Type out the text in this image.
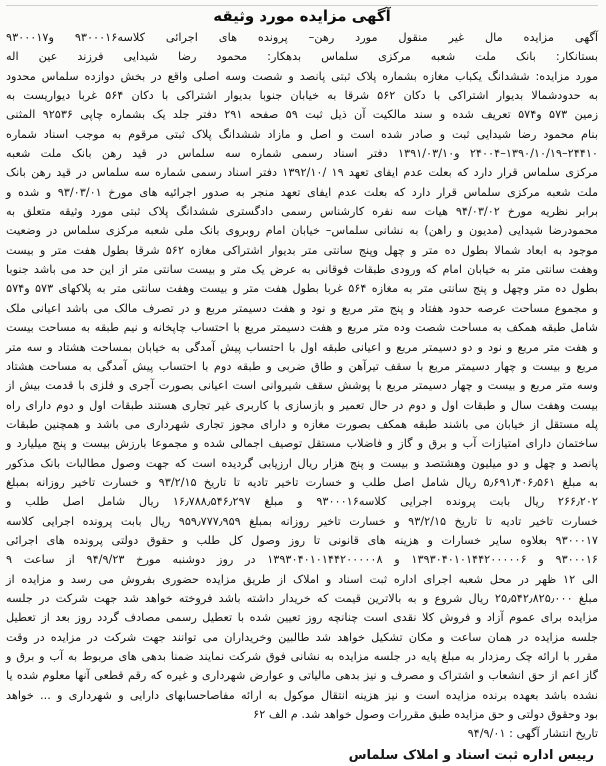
آگهی مزایده مورد وثیقه
آگهی مزایده مال غیر منقول مورد رهن– پرونده های اجرائی کلاسه۹۳۰۰۰۱۶ و۹۳۰۰۰۱۷
بستانکار: بانک ملت شعبه مرکزی سلماس بدهکار: محمود رضا شیدایی فرزند عین اله
مورد مزایده: ششدانگ یکباب مغازه بشماره پلاک ثبتی پانصد و شصت وسه اصلی واقع در بخش دوازده سلماس محدود
به حدودشمالا بدیوار اشتراکی با دکان ۵۶۲ شرقا به خیابان جنوبا بدیوار اشتراکی با دکان ۵۶۴ غربا دیواریست به
زمین ۵۷۳ و۵۷۴ تعریف شده و سند مالکیت آن ذیل ثبت ۵۹ صفحه ۲۹۱ دفتر جلد یک بشماره چاپی ۹۲۵۳۶ المثنی
بنام محمود رضا شیدایی ثبت و صادر شده است و اصل و مازاد ششدانگ پلاک ثبتی مرقوم به موجب اسناد شماره
۲۴۴۱۰–۱۳۹۰/۱۰/۱۹–۲۴۰۰۴ و۱۳۹۱/۰۳/۱۰ دفتر اسناد رسمی شماره سه سلماس در قید رهن بانک ملت شعبه
مرکزی سلماس قرار دارد که بعلت عدم ایفای تعهد ۱۹ /۱۳۹۲/۱۰ دفتر اسناد رسمی شماره سه سلماس در قید رهن بانک
ملت شعبه مرکزی سلماس قرار دارد که بعلت عدم ایفای تعهد منجر به صدور اجرائیه های مورخ ۹۳/۰۳/۰۱ و شده و
برابر نظریه مورخ ۹۴/۰۳/۰۲ هیات سه نفره کارشناس رسمی دادگستری ششدانگ پلاک ثبتی مورد وثیقه متعلق به
محمودرضا شیدایی (مدیون و راهن) به نشانی سلماس– خیابان امام روبروی بانک ملی شعبه مرکزی سلماس در وضعیت
موجود به ابعاد شمالا بطول ده متر و چهل وپنج سانتی متر بدیوار اشتراکی مغازه ۵۶۲ شرقا بطول هفت متر و بیست
وهفت سانتی متر به خیابان امام که ورودی طبقات فوقانی به عرض یک متر و بیست سانتی متر از این حد می باشد جنوبا
بطول ده متر وچهل و پنج سانتی متر به مغازه ۵۶۴ غربا بطول هفت متر و بیست وهفت سانتی متر به پلاکهای ۵۷۳ و۵۷۴
و مجموع مساحت عرصه حدود هفتاد و پنج متر مربع و نود و هفت دسیمتر مربع و در تصرف مالک می باشد اعیانی ملک
شامل طبقه همکف به مساحت شصت وده متر مربع و هفت دسیمتر مربع با احتساب چاپخانه و نیم طبقه به مساحت بیست
و هفت متر مربع و نود و دو دسیمتر مربع و اعیانی طبقه اول با احتساب پیش آمدگی به خیابان بمساحت هشتاد و سه متر
مربع و بیست و چهار دسیمتر مربع با سقف تیرآهن و طاق ضربی و طبقه دوم با احتساب پیش آمدگی به مساحت هشتاد
وسه متر مربع و بیست و چهار دسیمتر مربع با پوشش سقف شیروانی است اعیانی بصورت آجری و فلزی با قدمت بیش از
بیست وهفت سال و طبقات اول و دوم در حال تعمیر و بازسازی با کاربری غیر تجاری هستند طبقات اول و دوم دارای راه
پله مستقل از خیابان می باشند طبقه همکف بصورت مغازه و دارای مجوز تجاری شهرداری می باشد و همچنین طبقات
ساختمان دارای امتیازات آب و برق و گاز و فاضلاب مستقل توصیف اجمالی شده و مجموعا بارزش بیست و پنج میلیارد و
پانصد و چهل و دو میلیون وهشتصد و بیست و پنج هزار ریال ارزیابی گردیده است که جهت وصول مطالبات بانک مذکور
به مبلغ ۵٫۶۹۱٫۴۰۶٫۵۶۱ ریال شامل اصل طلب و خسارت تاخیر تادیه تا تاریخ ۹۳/۲/۱۵ و خسارت تاخیر روزانه بمبلغ
۲۶۶٫۲۰۲ ریال بابت پرونده اجرایی کلاسه۹۳۰۰۰۱۶ و مبلغ ۱۶٫۷۸۸٫۵۴۶٫۲۹۷ ریال شامل اصل طلب و
خسارت تاخیر تادیه تا تاریخ ۹۳/۲/۱۵ و خسارت تاخیر روزانه بمبلغ ۹۵۹٫۷۷۷٫۹۵۹ ریال بابت پرونده اجرایی کلاسه
۹۳۰۰۰۱۷ بعلاوه سایر خسارات و هزینه های قانونی تا روز وصول کل طلب و حقوق دولتی پرونده های اجرائی
۹۳۰۰۰۱۶ و ۱۳۹۳۰۴۰۱۰۱۴۴۲۰۰۰۰۰۶ و ۱۳۹۳۰۴۰۱۰۱۴۴۲۰۰۰۰۰۸ در روز دوشنبه مورخ ۹۴/۹/۲۳ از ساعت ۹
الی ۱۲ ظهر در محل شعبه اجرای اداره ثبت اسناد و املاک از طریق مزایده حضوری بفروش می رسد و مزایده از
مبلغ ۲۵٫۵۴۲٫۸۲۵٫۰۰۰ ریال شروع و به بالاترین قیمت که خریدار داشته باشد فروخته خواهد شد جهت شرکت در جلسه
مزایده برای عموم آزاد و فروش کلا نقدی است چنانچه روز تعیین شده با تعطیل رسمی مصادف گردد روز بعد از تعطیل
جلسه مزایده در همان ساعت و مکان تشکیل خواهد شد طالبین وخریداران می توانند جهت شرکت در مزایده در وقت
مقرر با ارائه چک رمزدار به مبلغ پایه در جلسه مزایده به نشانی فوق شرکت نمایند ضمنا بدهی های مربوط به آب و برق و
گاز اعم از حق انشعاب و اشتراک و مصرف و نیز بدهی مالیاتی و عوارض شهرداری و غیره که رقم قطعی آنها معلوم شده یا
نشده باشد بعهده برنده مزایده است و نیز هزینه انتقال موکول به ارائه مفاصاحسابهای دارایی و شهرداری و ... خواهد
بود وحقوق دولتی و حق مزایده طبق مقررات وصول خواهد شد. م الف ۶۲
تاریخ انتشار آگهی : ۹۴/۹/۰۱
رییس اداره ثبت اسناد و املاک سلماس
